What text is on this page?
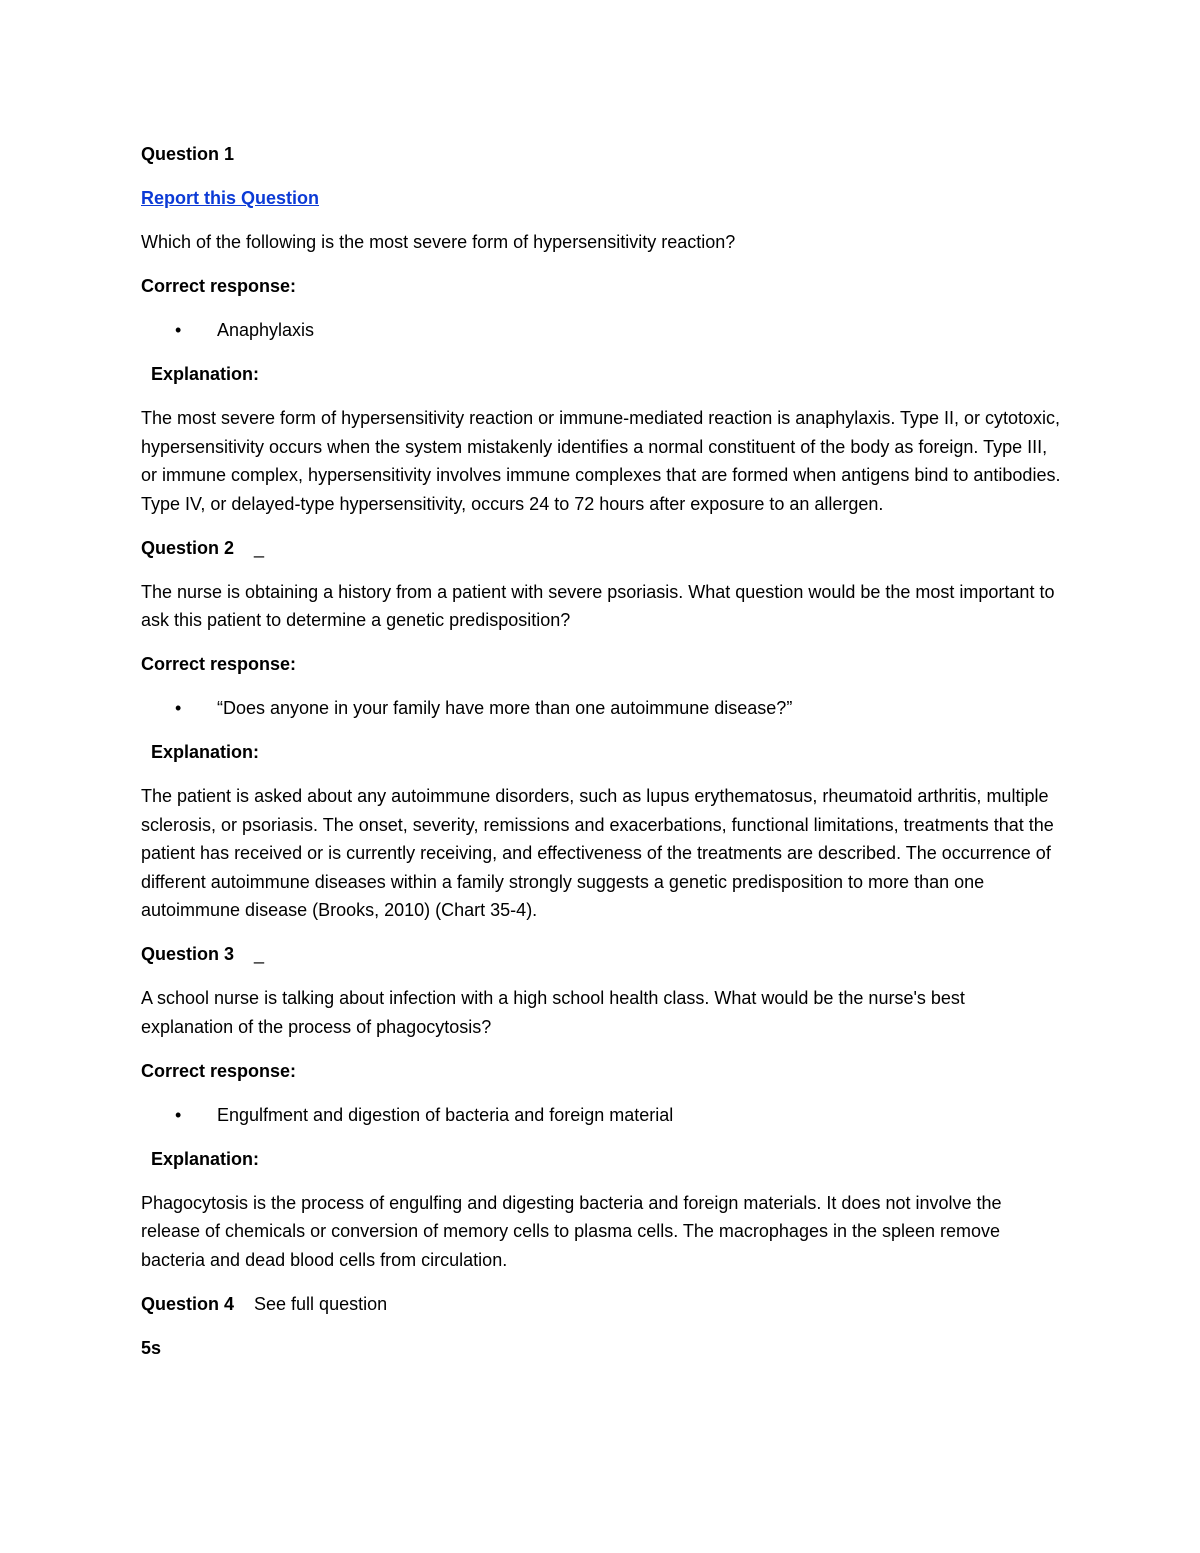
Question 1
Report this Question
Which of the following is the most severe form of hypersensitivity reaction?
Correct response:
• Anaphylaxis
Explanation:
The most severe form of hypersensitivity reaction or immune-mediated reaction is anaphylaxis. Type II, or cytotoxic, hypersensitivity occurs when the system mistakenly identifies a normal constituent of the body as foreign. Type III, or immune complex, hypersensitivity involves immune complexes that are formed when antigens bind to antibodies. Type IV, or delayed-type hypersensitivity, occurs 24 to 72 hours after exposure to an allergen.
Question 2 _
The nurse is obtaining a history from a patient with severe psoriasis. What question would be the most important to ask this patient to determine a genetic predisposition?
Correct response:
• “Does anyone in your family have more than one autoimmune disease?”
Explanation:
The patient is asked about any autoimmune disorders, such as lupus erythematosus, rheumatoid arthritis, multiple sclerosis, or psoriasis. The onset, severity, remissions and exacerbations, functional limitations, treatments that the patient has received or is currently receiving, and effectiveness of the treatments are described. The occurrence of different autoimmune diseases within a family strongly suggests a genetic predisposition to more than one autoimmune disease (Brooks, 2010) (Chart 35-4).
Question 3 _
A school nurse is talking about infection with a high school health class. What would be the nurse's best explanation of the process of phagocytosis?
Correct response:
• Engulfment and digestion of bacteria and foreign material
Explanation:
Phagocytosis is the process of engulfing and digesting bacteria and foreign materials. It does not involve the release of chemicals or conversion of memory cells to plasma cells. The macrophages in the spleen remove bacteria and dead blood cells from circulation.
Question 4 See full question
5s
